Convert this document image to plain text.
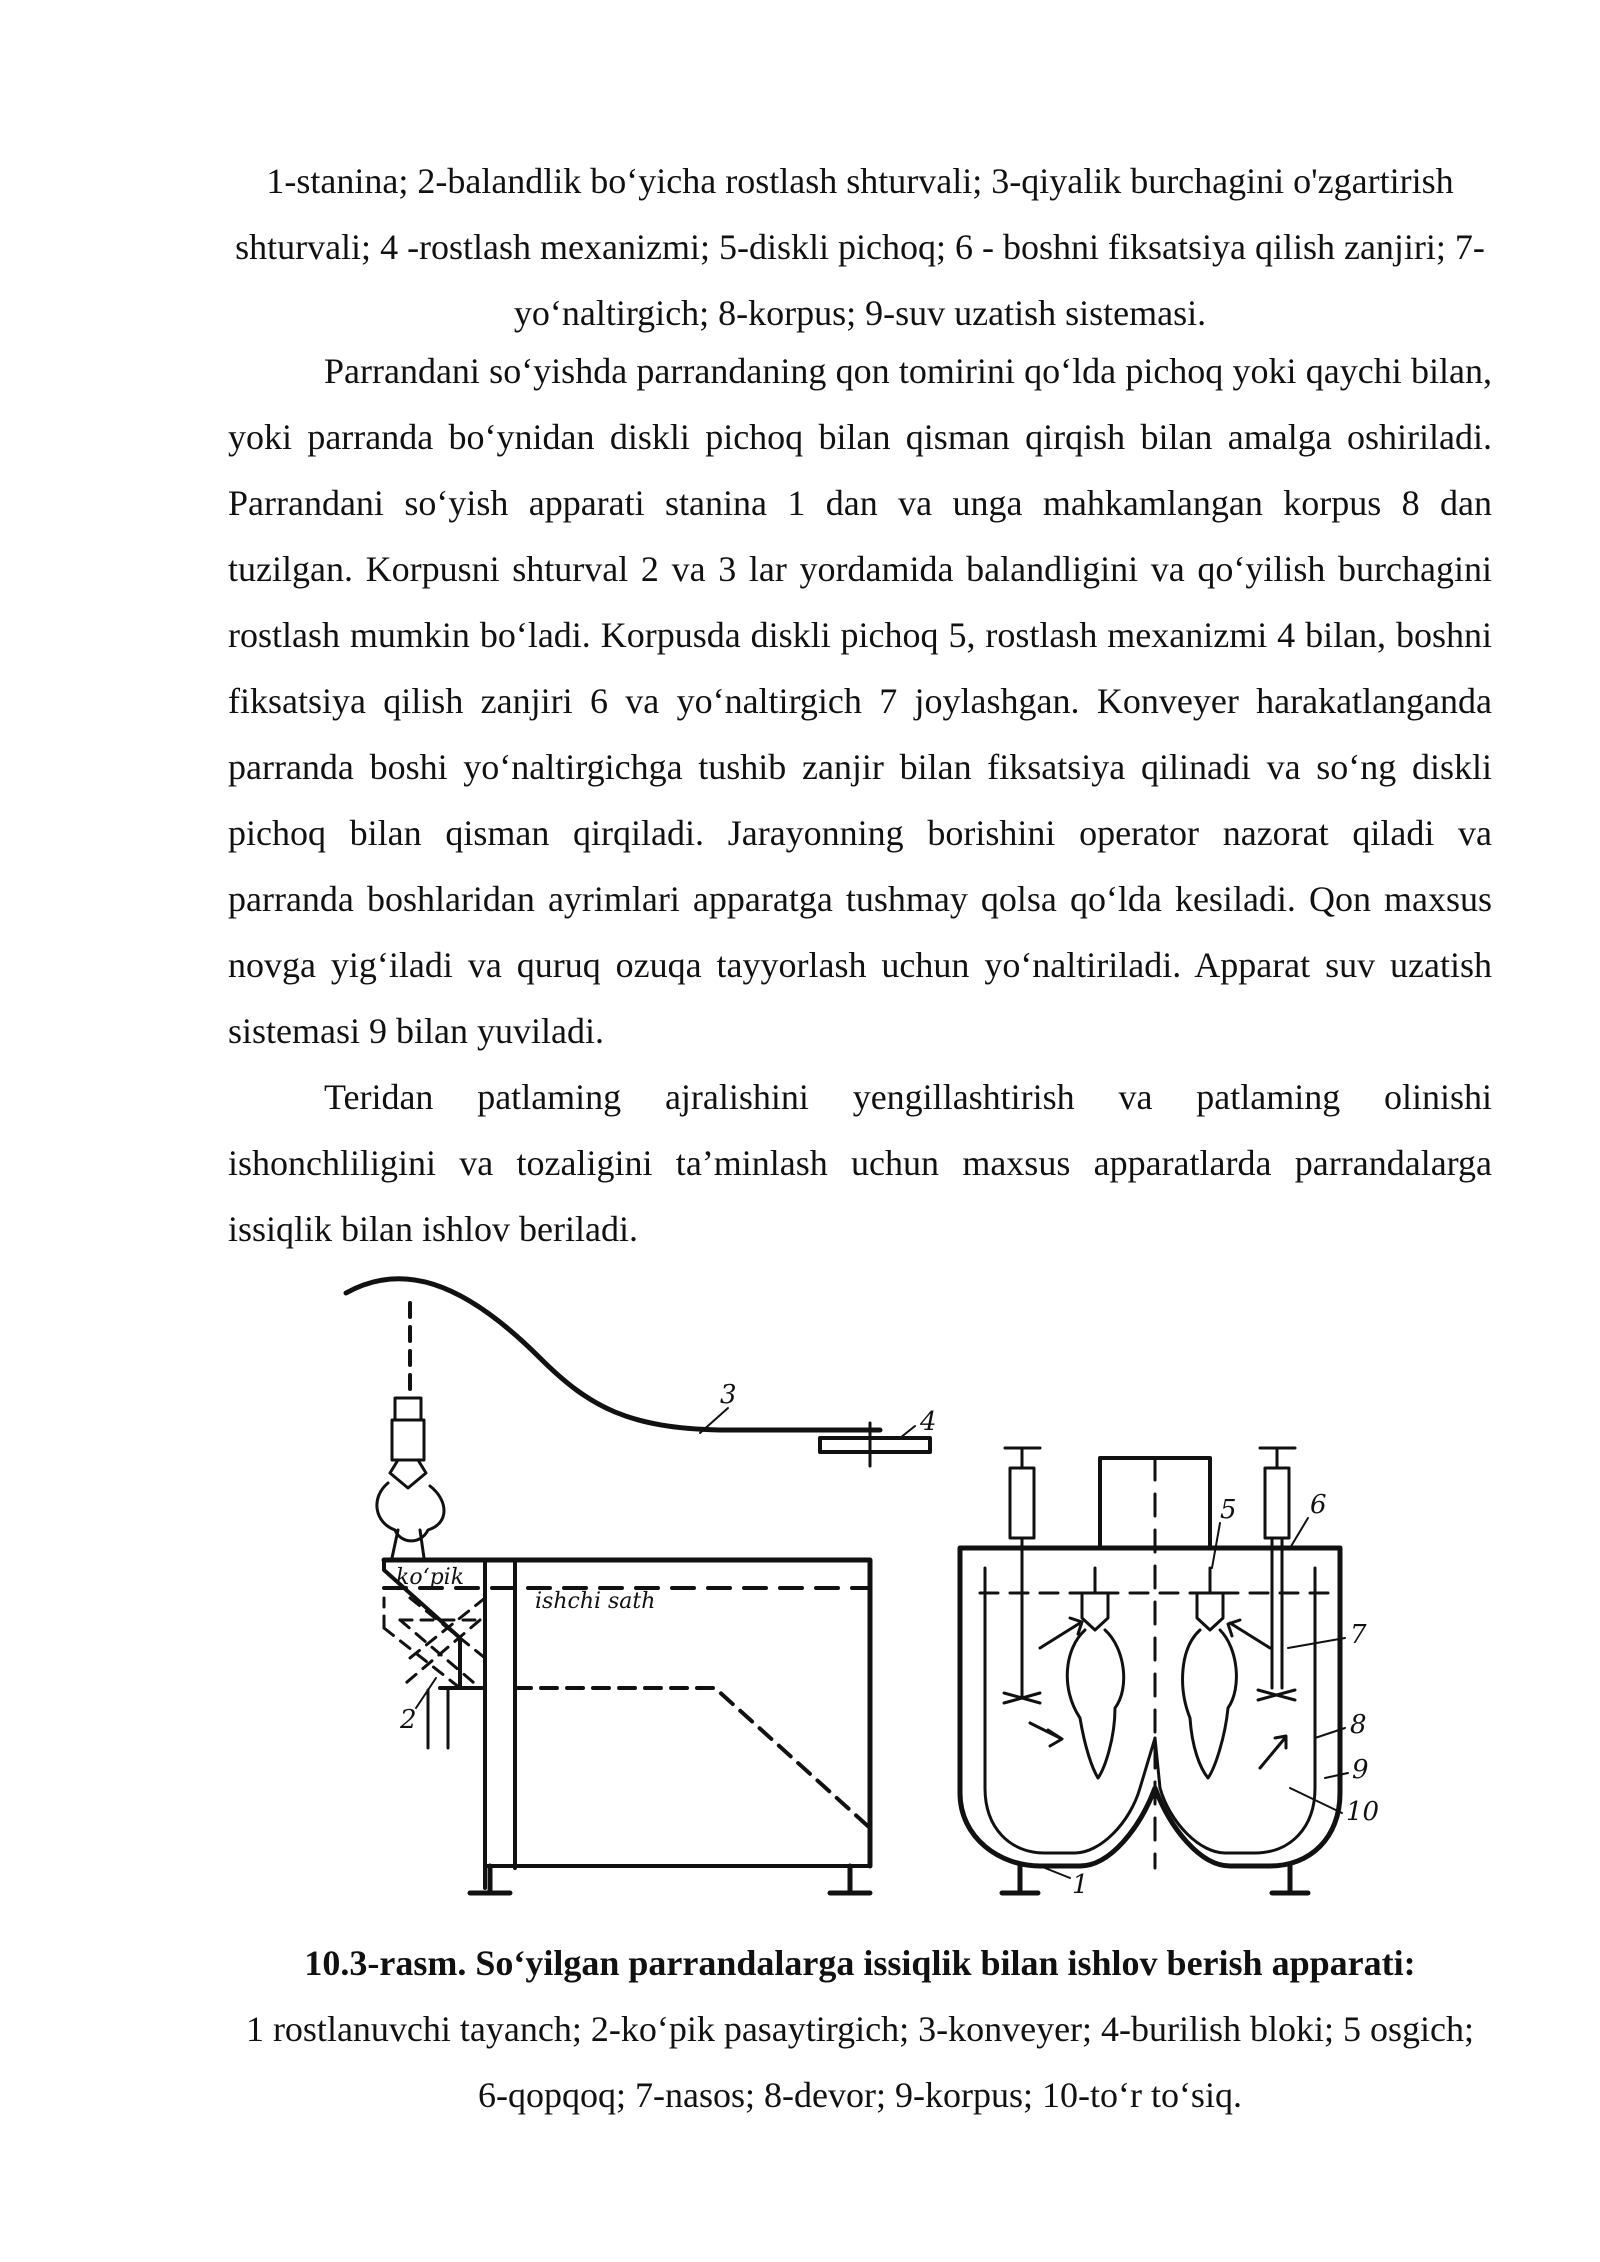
1-stanina; 2-balandlik bo‘yicha rostlash shturvali; 3-qiyalik burchagini o'zgartirish shturvali; 4 -rostlash mexanizmi; 5-diskli pichoq; 6 - boshni fiksatsiya qilish zanjiri; 7-yo‘naltirgich; 8-korpus; 9-suv uzatish sistemasi.

Parrandani so‘yishda parrandaning qon tomirini qo‘lda pichoq yoki qaychi bilan, yoki parranda bo‘ynidan diskli pichoq bilan qisman qirqish bilan amalga oshiriladi. Parrandani so‘yish apparati stanina 1 dan va unga mahkamlangan korpus 8 dan tuzilgan. Korpusni shturval 2 va 3 lar yordamida balandligini va qo‘yilish burchagini rostlash mumkin bo‘ladi. Korpusda diskli pichoq 5, rostlash mexanizmi 4 bilan, boshni fiksatsiya qilish zanjiri 6 va yo‘naltirgich 7 joylashgan. Konveyer harakatlanganda parranda boshi yo‘naltirgichga tushib zanjir bilan fiksatsiya qilinadi va so‘ng diskli pichoq bilan qisman qirqiladi. Jarayonning borishini operator nazorat qiladi va parranda boshlaridan ayrimlari apparatga tushmay qolsa qo‘lda kesiladi. Qon maxsus novga yig‘iladi va quruq ozuqa tayyorlash uchun yo‘naltiriladi. Apparat suv uzatish sistemasi 9 bilan yuviladi.

Teridan patlaming ajralishini yengillashtirish va patlaming olinishi ishonchliligini va tozaligini ta’minlash uchun maxsus apparatlarda parrandalarga issiqlik bilan ishlov beriladi.

ko‘pik
ishchi sath
2
3
4
1
5	6
7
8
9
10
10.3-rasm. So‘yilgan parrandalarga issiqlik bilan ishlov berish apparati:
1 rostlanuvchi tayanch; 2-ko‘pik pasaytirgich; 3-konveyer; 4-burilish bloki; 5 osgich; 6-qopqoq; 7-nasos; 8-devor; 9-korpus; 10-to‘r to‘siq.
